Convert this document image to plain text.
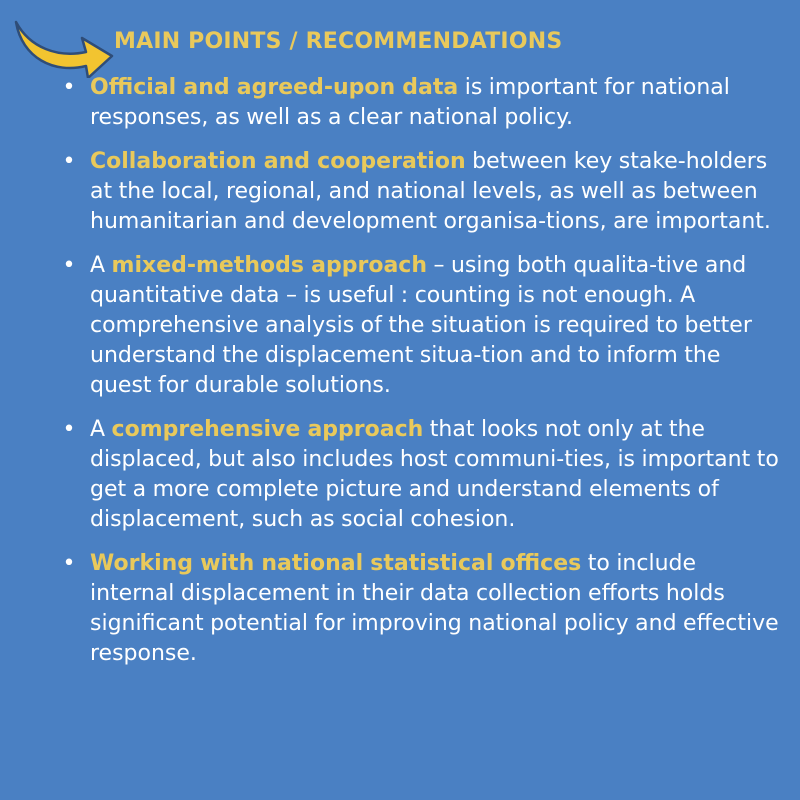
MAIN POINTS / RECOMMENDATIONS
• Official and agreed-upon data is important for national responses, as well as a clear national policy.
• Collaboration and cooperation between key stake-holders at the local, regional, and national levels, as well as between humanitarian and development organisa-tions, are important.
• A mixed-methods approach – using both qualita-tive and quantitative data – is useful : counting is not enough. A comprehensive analysis of the situation is required to better understand the displacement situa-tion and to inform the quest for durable solutions.
• A comprehensive approach that looks not only at the displaced, but also includes host communi-ties, is important to get a more complete picture and understand elements of displacement, such as social cohesion.
• Working with national statistical offices to include internal displacement in their data collection efforts holds significant potential for improving national policy and effective response.
